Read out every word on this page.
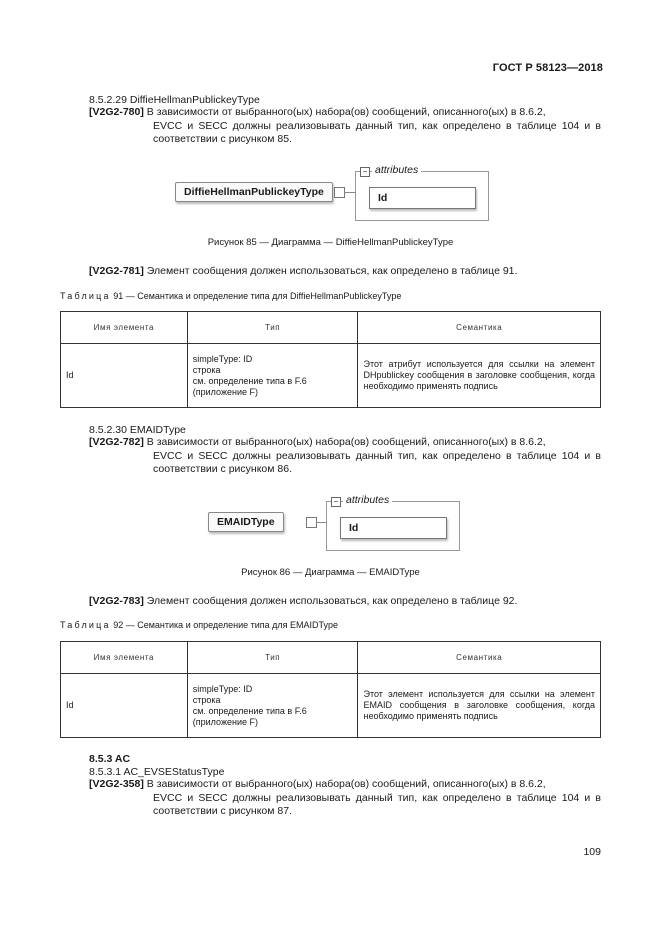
ГОСТ Р 58123—2018
8.5.2.29 DiffieHellmanPublickeyType
[V2G2-780] В зависимости от выбранного(ых) набора(ов) сообщений, описанного(ых) в 8.6.2,
EVCC и SECC должны реализовывать данный тип, как определено в таблице 104 и в соответствии с рисунком 85.
DiffieHellmanPublickeyType
− attributes
Id
Рисунок 85 — Диаграмма — DiffieHellmanPublickeyType
[V2G2-781] Элемент сообщения должен использоваться, как определено в таблице 91.
Таблица 91 — Семантика и определение типа для DiffieHellmanPublickeyType
Имя элемента	Тип	Семантика
Id	simpleType: ID
строка
см. определение типа в F.6
(приложение F)	Этот атрибут используется для ссылки на элемент DHpublickey сообщения в заголовке сообщения, когда необходимо применять подпись
8.5.2.30 EMAIDType
[V2G2-782] В зависимости от выбранного(ых) набора(ов) сообщений, описанного(ых) в 8.6.2,
EVCC и SECC должны реализовывать данный тип, как определено в таблице 104 и в соответствии с рисунком 86.
EMAIDType
− attributes
Id
Рисунок 86 — Диаграмма — EMAIDType
[V2G2-783] Элемент сообщения должен использоваться, как определено в таблице 92.
Таблица 92 — Семантика и определение типа для EMAIDType
Имя элемента	Тип	Семантика
Id	simpleType: ID
строка
см. определение типа в F.6
(приложение F)	Этот элемент используется для ссылки на элемент EMAID сообщения в заголовке сообщения, когда необходимо применять подпись
8.5.3 AC
8.5.3.1 AC_EVSEStatusType
[V2G2-358] В зависимости от выбранного(ых) набора(ов) сообщений, описанного(ых) в 8.6.2,
EVCC и SECC должны реализовывать данный тип, как определено в таблице 104 и в соответствии с рисунком 87.
109
